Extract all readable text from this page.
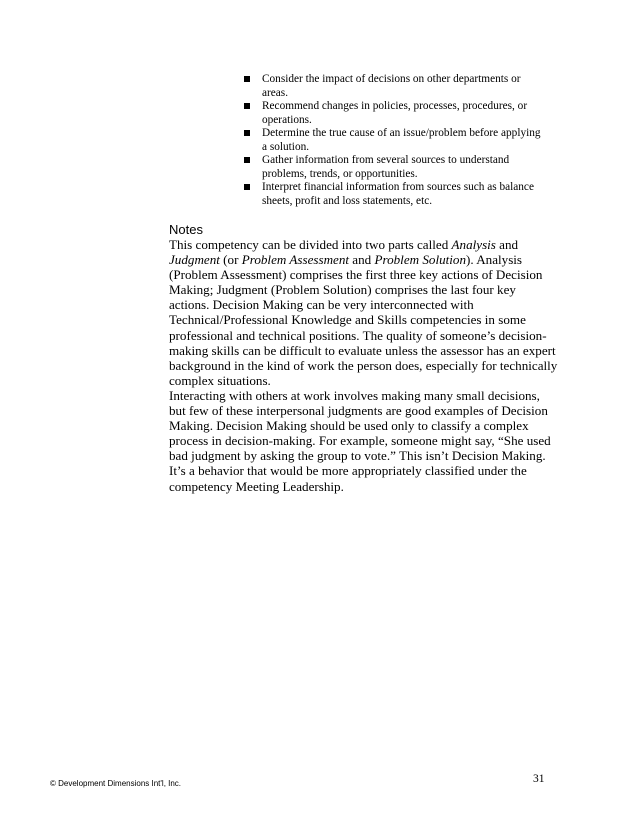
Consider the impact of decisions on other departments or areas.
Recommend changes in policies, processes, procedures, or operations.
Determine the true cause of an issue/problem before applying a solution.
Gather information from several sources to understand problems, trends, or opportunities.
Interpret financial information from sources such as balance sheets, profit and loss statements, etc.
Notes

This competency can be divided into two parts called Analysis and Judgment (or Problem Assessment and Problem Solution). Analysis (Problem Assessment) comprises the first three key actions of Decision Making; Judgment (Problem Solution) comprises the last four key actions. Decision Making can be very interconnected with Technical/Professional Knowledge and Skills competencies in some professional and technical positions. The quality of someone’s decision-making skills can be difficult to evaluate unless the assessor has an expert background in the kind of work the person does, especially for technically complex situations.

Interacting with others at work involves making many small decisions, but few of these interpersonal judgments are good examples of Decision Making. Decision Making should be used only to classify a complex process in decision-making. For example, someone might say, “She used bad judgment by asking the group to vote.” This isn’t Decision Making. It’s a behavior that would be more appropriately classified under the competency Meeting Leadership.

© Development Dimensions Int'l, Inc.	31
